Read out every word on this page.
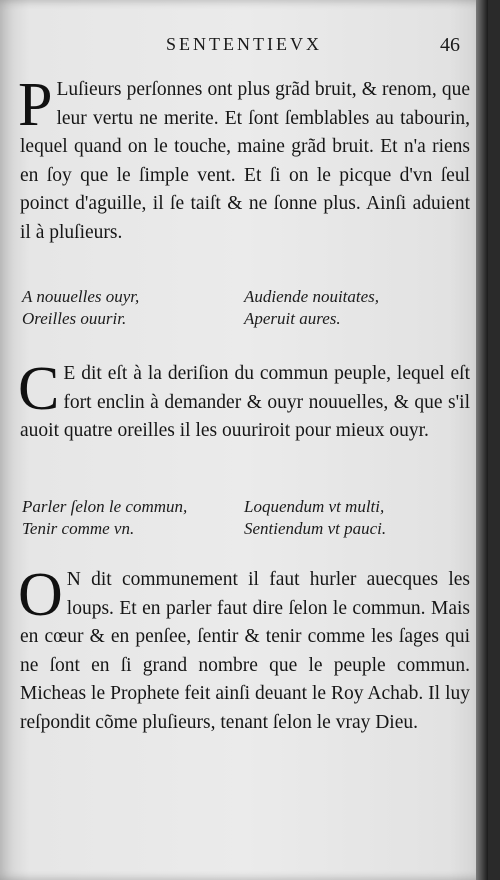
SENTENTIEVX	46
P Luſieurs perſonnes ont plus grãd bruit, & renom, que leur vertu ne merite. Et ſont ſemblables au tabourin, lequel quand on le touche, maine grãd bruit. Et n'a riens en ſoy que le ſimple vent. Et ſi on le picque d'vn ſeul poinct d'aguille, il ſe taiſt & ne ſonne plus. Ainſi aduient il à pluſieurs.
A nouuelles ouyr,	Audiende nouitates,
Oreilles ouurir.	Aperuit aures.
C E dit eſt à la deriſion du commun peuple, lequel eſt fort enclin à demander & ouyr nouuelles, & que s'il auoit quatre oreilles il les ouuriroit pour mieux ouyr.
Parler ſelon le commun,	Loquendum vt multi,
Tenir comme vn.	Sentiendum vt pauci.
O N dit communement il faut hurler auecques les loups. Et en parler faut dire ſelon le commun. Mais en cœur & en penſee, ſentir & tenir comme les ſages qui ne ſont en ſi grand nombre que le peuple commun. Micheas le Prophete feit ainſi deuant le Roy Achab. Il luy reſpondit cõme pluſieurs, tenant ſelon le vray Dieu.
